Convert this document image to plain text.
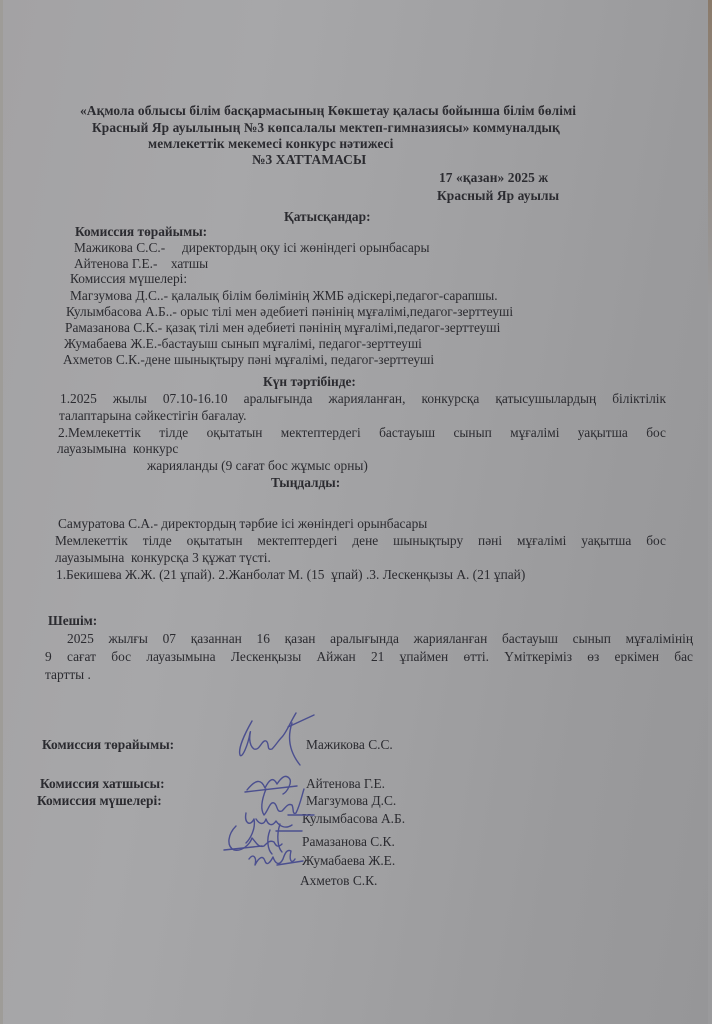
«Ақмола облысы білім басқармасының Көкшетау қаласы бойынша білім бөлімі
Красный Яр ауылының №3 көпсалалы мектеп-гимназиясы» коммуналдық
мемлекеттік мекемесі конкурс нәтижесі
№3 ХАТТАМАСЫ
17 «қазан» 2025 ж
Красный Яр ауылы
Қатысқандар:
Комиссия төрайымы:
Мажикова С.С.-     директордың оқу ісі жөніндегі орынбасары
Айтенова Г.Е.-    хатшы
Комиссия мүшелері:
Магзумова Д.С..- қалалық білім бөлімінің ЖМБ әдіскері,педагог-сарапшы.
Кулымбасова А.Б..- орыс тілі мен әдебиеті пәнінің мұғалімі,педагог-зерттеуші
Рамазанова С.К.- қазақ тілі мен әдебиеті пәнінің мұғалімі,педагог-зерттеуші
Жумабаева Ж.Е.-бастауыш сынып мұғалімі, педагог-зерттеуші
Ахметов С.К.-дене шынықтыру пәні мұғалімі, педагог-зерттеуші
Күн тәртібінде:
1.2025 жылы 07.10-16.10 аралығында жарияланған, конкурсқа қатысушылардың біліктілік
талаптарына сәйкестігін бағалау.
2.Мемлекеттік тілде оқытатын мектептердегі бастауыш сынып мұғалімі уақытша бос
лауазымына  конкурс
жарияланды (9 сағат бос жұмыс орны)
Тыңдалды:
Самуратова С.А.- директордың тәрбие ісі жөніндегі орынбасары
Мемлекеттік тілде оқытатын мектептердегі дене шынықтыру пәні мұғалімі уақытша бос
лауазымына  конкурсқа 3 құжат түсті.
1.Бекишева Ж.Ж. (21 ұпай). 2.Жанболат М. (15  ұпай) .3. Лескенқызы А. (21 ұпай)
Шешім:
2025 жылғы 07 қазаннан 16 қазан аралығында жарияланған бастауыш сынып мұғалімінің
9 сағат бос лауазымына Лескенқызы Айжан 21 ұпаймен өтті. Үміткеріміз өз еркімен бас
тартты .
Комиссия төрайымы:	Мажикова С.С.
Комиссия хатшысы:	Айтенова Г.Е.
Комиссия мүшелері:	Магзумова Д.С.
Кулымбасова А.Б.
Рамазанова С.К.
Жумабаева Ж.Е.
Ахметов С.К.
